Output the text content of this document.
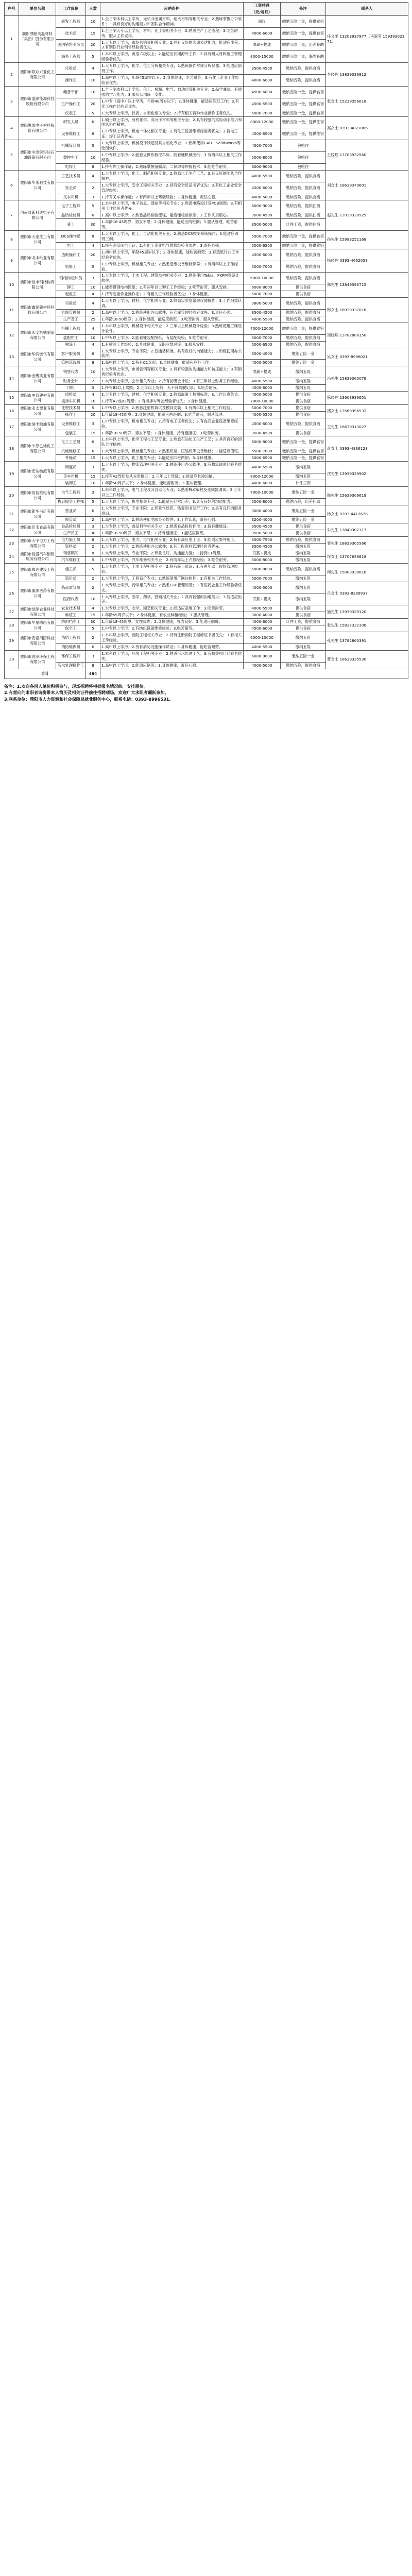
序号	单位名称	工作岗位	人数	应聘条件	工资待遇	备注	联系人
					（元/每月）		
1	濮阳濮耐高温材料（集团）股份有限公司	研发工程师	10	1.全日制本科以上学历，无机非金属材料、耐火材料等相关专业；2.熟练掌握办公软件；3.具有良好的沟通能力和团队合作精神。	面议	缴纳五险一金，提供食宿	任义平 13203937977（马翠英 15939302371）
		技术员	15	1.全日制大专以上学历，材料、化工等相关专业；2.熟悉生产工艺流程；3.吃苦耐劳，服从工作安排。	4000-6000	缴纳五险一金，提供食宿	
		国内销售业务员	20	1.大专以上学历，市场营销等相关专业；2.具有良好的沟通表达能力，能适应出差；3.有钢铁行业销售经验者优先。	底薪+提成	缴纳五险一金，出差补助	
		海外工程师	5	1.本科以上学历，英语六级以上；2.能适应长期海外工作；3.具有耐火材料施工管理经验者优先。	8000-15000	缴纳五险一金，海外补助	
2	濮阳市联众兴业化工有限公司	化验员	4	1.大专以上学历，化学、化工分析相关专业；2.熟练操作常规分析仪器；3.能适应倒班工作。	3500-4500	缴纳五险，提供食宿	李经理 13839336812
		操作工	10	1.高中以上学历，年龄45周岁以下；2.身体健康，吃苦耐劳；3.有化工企业工作经验者优先。	4000-6000	缴纳五险，提供食宿	
3	濮阳市盛源能源科技股份有限公司	储备干部	10	1.全日制本科以上学历，化工、机械、电气、自动化等相关专业；2.品学兼优，有较强的学习能力；3.服从公司统一安排。	4500-6000	缴纳五险一金，提供食宿	张女士 15239356618
		生产操作工	20	1.中专（高中）以上学历，年龄40周岁以下；2.身体健康，能适应倒班工作；3.有化工操作经验者优先。	4500-5500	缴纳五险一金，提供食宿	
		仪表工	5	1.大专以上学历，仪表、自动化相关专业；2.持有相关特种作业操作证者优先。	5000-7000	缴纳五险一金，提供食宿	
4	濮阳惠成电子材料股份有限公司	研发人员	6	1.硕士以上学历，有机化学、高分子材料等相关专业；2.具有较强的实验动手能力和团队协作精神。	8000-12000	缴纳五险一金，提供住宿	高女士 0393-4821066
		设备维修工	6	1.中专以上学历，机电一体化相关专业；2.有化工设备维修经验者优先；3.持电工证、焊工证者优先。	4500-6500	缴纳五险一金，提供住宿	
5	濮阳市中原锐实达石油设备有限公司	机械设计员	5	1.大专以上学历，机械设计制造及其自动化专业；2.熟练使用CAD、SolidWorks等绘图软件。	4500-7000	包吃住	王经理 13703932560
		数控车工	10	1.中专以上学历；2.能独立操作数控车床，能看懂机械图纸；3.有两年以上相关工作经验。	5000-8000	包吃住	
		电焊工	8	1.持有焊工操作证；2.熟练掌握氩弧焊、二保焊等焊接技术；3.能吃苦耐劳。	6000-9000	包吃住	
6	濮阳市华乐科技有限公司	工艺技术员	4	1.大专以上学历，化工、制药相关专业；2.熟悉化工生产工艺；3.有良好的团队合作精神。	4000-5500	缴纳五险，提供食宿	刘女士 18639379601
		安全员	2	1.大专以上学历，安全工程相关专业；2.持有安全员证书者优先；3.有化工企业安全管理经验。	4500-6000	缴纳五险，提供食宿	
		叉车司机	3	1.持有叉车操作证；2.有两年以上驾驶经验；3.身体健康，责任心强。	4000-5000	缴纳五险，提供食宿	
7	河南省新科达电子有限公司	电子工程师	5	1.本科以上学历，电子信息、通信等相关专业；2.熟悉电路设计及PCB制图；3.有相关工作经验者优先。	6000-9000	缴纳五险，提供住宿	赵先生 13939328925
		品质检验员	6	1.高中以上学历；2.熟悉品质检验流程，能看懂检验标准；3.工作认真细心。	3500-4500	缴纳五险，提供住宿	
		普工	30	1.年龄18-45周岁，男女不限；2.身体健康，能适应两班倒；3.服从管理，吃苦耐劳。	3500-5000	计件工资，提供住宿	
8	濮阳市天泰化工有限公司	DCS操作员	8	1.大专以上学历，化工、自动化相关专业；2.熟悉DCS控制系统操作；3.能适应四班三倒。	5000-7000	缴纳五险一金，提供食宿	孙先生 15993252168
		电工	4	1.持有高低压电工证；2.有化工企业电气维修经验者优先；3.责任心强。	5000-6500	缴纳五险一金，提供食宿	
9	濮阳市龙丰纸业有限公司	造纸操作工	20	1.初中以上学历，年龄45周岁以下；2.身体健康，能吃苦耐劳；3.有造纸行业工作经验者优先。	4500-6000	缴纳五险，提供食宿	杨经理 0393-4662058
		机修工	5	1.中专以上学历，机械相关专业；2.熟悉造纸设备维修保养；3.有两年以上工作经验。	5000-7000	缴纳五险，提供食宿	
10	濮阳市恒丰钢结构有限公司	钢结构设计员	3	1.大专以上学历，土木工程、建筑结构相关专业；2.熟练使用Tekla、PKPM等设计软件。	6000-10000	缴纳五险，提供食宿	郑先生 13849393715
		铆工	10	1.能看懂钢结构图纸；2.有两年以上铆工工作经验；3.吃苦耐劳，服从安排。	6000-8000	提供食宿	
		起重工	4	1.持有起重作业操作证；2.有相关工作经验者优先；3.身体健康。	5000-7000	提供食宿	
11	濮阳市鑫源新材料科技有限公司	实验员	4	1.大专以上学历，材料、化学相关专业；2.熟悉实验室常规仪器操作；3.工作细致认真。	3800-5000	缴纳五险，提供食宿	韩女士 18939337016
		仓库管理员	2	1.高中以上学历；2.熟练使用办公软件，有仓库管理经验者优先；3.责任心强。	3500-4500	缴纳五险，提供食宿	
		生产普工	25	1.年龄18-50周岁；2.身体健康，能适应倒班；3.吃苦耐劳，服从管理。	4000-5500	缴纳五险，提供食宿	
12	濮阳市永安机械制造有限公司	机械工程师	4	1.本科以上学历，机械设计相关专业；2.三年以上机械设计经验；3.熟练使用三维设计软件。	7000-12000	缴纳五险一金，提供食宿	周经理 13782888150
		装配钳工	10	1.中专以上学历；2.能看懂装配图纸，有装配经验；3.吃苦耐劳。	5000-7000	缴纳五险，提供食宿	
		喷涂工	4	1.有喷涂工作经验；2.身体健康，无职业禁忌症；3.服从安排。	5000-6500	缴纳五险，提供食宿	
13	濮阳市华润燃气有限公司	客户服务员	6	1.大专以上学历，专业不限；2.普通话标准，具有良好的沟通能力；3.熟练使用办公软件。	3500-4500	缴纳五险一金	吴女士 0393-8996021
		管网巡线员	8	1.高中以上学历；2.持有C1驾照；3.身体健康，能适应户外工作。	4000-5000	缴纳五险一金	
14	濮阳市金鹰实业有限公司	销售代表	10	1.大专以上学历，市场营销等相关专业；2.具有较强的沟通能力和抗压能力；3.有销售经验者优先。	底薪+提成	缴纳五险	冯先生 15839360078
		财务会计	2	1.大专以上学历，会计相关专业；2.持有初级会计证；3.有三年以上财务工作经验。	4000-5500	缴纳五险	
		司机	3	1.持有B2以上驾照；2.五年以上驾龄，无不良驾驶记录；3.吃苦耐劳。	4500-6000	缴纳五险	
15	濮阳市中益建材有限公司	质检员	4	1.大专以上学历，建材、化学相关专业；2.熟悉混凝土检测标准；3.工作认真负责。	4000-5000	提供食宿	陈经理 13603936651
		搅拌车司机	10	1.持有A2或B2驾照；2.有搅拌车驾驶经验者优先；3.身体健康。	7000-10000	提供食宿	
16	濮阳市亚太塑业有限公司	注塑技术员	5	1.中专以上学历；2.熟悉注塑机调试及模具安装；3.有两年以上相关工作经验。	5000-7000	提供食宿	褚女士 13569396532
		操作工	20	1.年龄18-45周岁；2.身体健康，能适应两班倒；3.吃苦耐劳，服从管理。	4000-5500	提供食宿	
17	濮阳市瑞丰粮油有限公司	设备维修工	3	1.中专以上学历，机电相关专业；2.持有电工证者优先；3.有食品企业设备维修经验。	4500-6000	缴纳五险，提供食宿	卫先生 18639313027
		包装工	15	1.年龄18-50周岁，男女不限；2.身体健康，持有健康证；3.吃苦耐劳。	3500-4500	提供食宿	
18	濮阳市中原乙烯化工有限公司	化工工艺员	6	1.本科以上学历，化学工程与工艺专业；2.熟悉石油化工生产工艺；3.具有良好的团队合作精神。	6000-8000	缴纳五险一金，提供食宿	蒋女士 0393-4836128
		机械维修工	6	1.大专以上学历，机械相关专业；2.熟悉机泵、压缩机等设备维修；3.能适应值班。	5500-7000	缴纳五险一金，提供食宿	
		外操员	15	1.大专以上学历，化工相关专业；2.能适应四班两倒；3.身体健康。	5000-6500	缴纳五险一金，提供食宿	
19	濮阳市宏达物流有限公司	调度员	3	1.大专以上学历，物流管理相关专业；2.熟练使用办公软件；3.有物流调度经验者优先。	4000-5500	缴纳五险	沈先生 13939329902
		货车司机	15	1.持有A2驾照及从业资格证；2.三年以上驾龄；3.能适应长途运输。	8000-12000	缴纳五险	
		装卸工	10	1.年龄50周岁以下；2.身体健康，能吃苦耐劳；3.服从管理。	4000-6000	计件工资	
20	濮阳市恒信机电有限公司	电气工程师	3	1.本科以上学历，电气工程及其自动化专业；2.熟悉PLC编程及变频器调试；3.三年以上工作经验。	7000-10000	缴纳五险一金	韩先生 15639306619
		售后服务工程师	5	1.大专以上学历，机电相关专业；2.能适应经常出差；3.具有良好的沟通能力。	5000-8000	缴纳五险，出差补助	
21	濮阳市新华书店有限公司	营业员	6	1.大专以上学历，专业不限；2.形象气质佳，热爱图书发行工作；3.具有良好的服务意识。	3000-4000	缴纳五险一金	杨女士 0393-4412678
		库管员	2	1.高中以上学历；2.熟练使用电脑办公软件；3.工作认真，责任心强。	3200-4000	缴纳五险一金	
22	濮阳市佳禾食品有限公司	食品检验员	3	1.大专以上学历，食品科学相关专业；2.熟悉食品检验标准；3.持有健康证。	3500-4500	提供食宿	朱先生 13849302117
		生产员工	30	1.年龄18-50周岁，男女不限；2.持有健康证；3.能适应倒班。	3500-5000	提供食宿	
23	濮阳市天宇电力工程有限公司	电力施工员	6	1.大专以上学历，电力、电气相关专业；2.持有高压电工证；3.能适应野外施工。	5000-7500	缴纳五险，提供食宿	秦先生 18839305566
		资料员	2	1.大专以上学历；2.熟练使用办公软件；3.有工程资料管理经验者优先。	3500-4500	缴纳五险	
24	濮阳市昌盛汽车销售服务有限公司	销售顾问	8	1.大专以上学历，专业不限；2.形象良好，沟通能力强；3.持有C1驾照。	底薪+提成	缴纳五险	许女士 13707639818
		汽车维修工	5	1.中专以上学历，汽车维修相关专业；2.有两年以上汽修经验；3.吃苦耐劳。	5000-8000	缴纳五险	
25	濮阳市顺达建设工程有限公司	施工员	5	1.大专以上学历，土木工程相关专业；2.持有施工员证；3.有两年以上现场管理经验。	5000-8000	缴纳五险，提供食宿	何先生 15003938816
		造价员	2	1.大专以上学历，工程造价专业；2.熟练使用广联达软件；3.有相关工作经验。	5000-7000	缴纳五险	
26	濮阳市康源医药有限公司	药品质管员	2	1.大专以上学历，药学相关专业；2.熟悉GSP管理规范；3.有医药企业工作经验者优先。	4000-5000	缴纳五险	吕女士 0393-8289937
		医药代表	10	1.大专以上学历，医学、药学、营销相关专业；2.具有较强的沟通能力；3.能适应出差。	底薪+提成	缴纳五险	
27	濮阳市绿源农业科技有限公司	农业技术员	4	1.大专以上学历，农学、园艺相关专业；2.能适应基地工作；3.吃苦耐劳。	4000-5500	提供食宿	施先生 13939329120
		种植工	15	1.年龄55周岁以下；2.身体健康，有农业种植经验；3.服从管理。	3000-4000	提供食宿	
28	濮阳市华星纺织有限公司	纺织挡车工	30	1.年龄18-45周岁，女性优先；2.身体健康，视力良好；3.能适应倒班。	4000-6000	计件工资，提供食宿	张先生 15837332106
		保全工	5	1.中专以上学历；2.有纺织设备维修经验；3.吃苦耐劳。	4500-6000	提供食宿	
29	濮阳市安泰消防科技有限公司	消防工程师	2	1.本科以上学历，消防工程相关专业；2.持有注册消防工程师证书者优先；3.有相关工作经验。	6000-10000	缴纳五险	孔先生 13782860391
		消防维保员	6	1.高中以上学历；2.持有消防设施操作员证；3.身体健康，能吃苦耐劳。	4000-5500	缴纳五险	
30	濮阳市润泽环保工程有限公司	环保工程师	3	1.本科以上学历，环境工程相关专业；2.熟悉污水处理工艺；3.有相关项目经验者优先。	6000-9000	缴纳五险一金	曹女士 18639335530
		污水处理操作工	8	1.高中以上学历；2.能适应倒班；3.身体健康，责任心强。	4000-5000	缴纳五险，提供食宿	
合计			484				
备注：1.欢迎各用人单位积极参与，现场招聘将根据报名情况统一安排展位。
2.有意向的求职者请携带本人简历及相关证件前往招聘现场，欢迎广大求职者踊跃参加。
3.联系单位：濮阳市人力资源和社会保障局就业服务中心，联系电话：0393-8996531。
